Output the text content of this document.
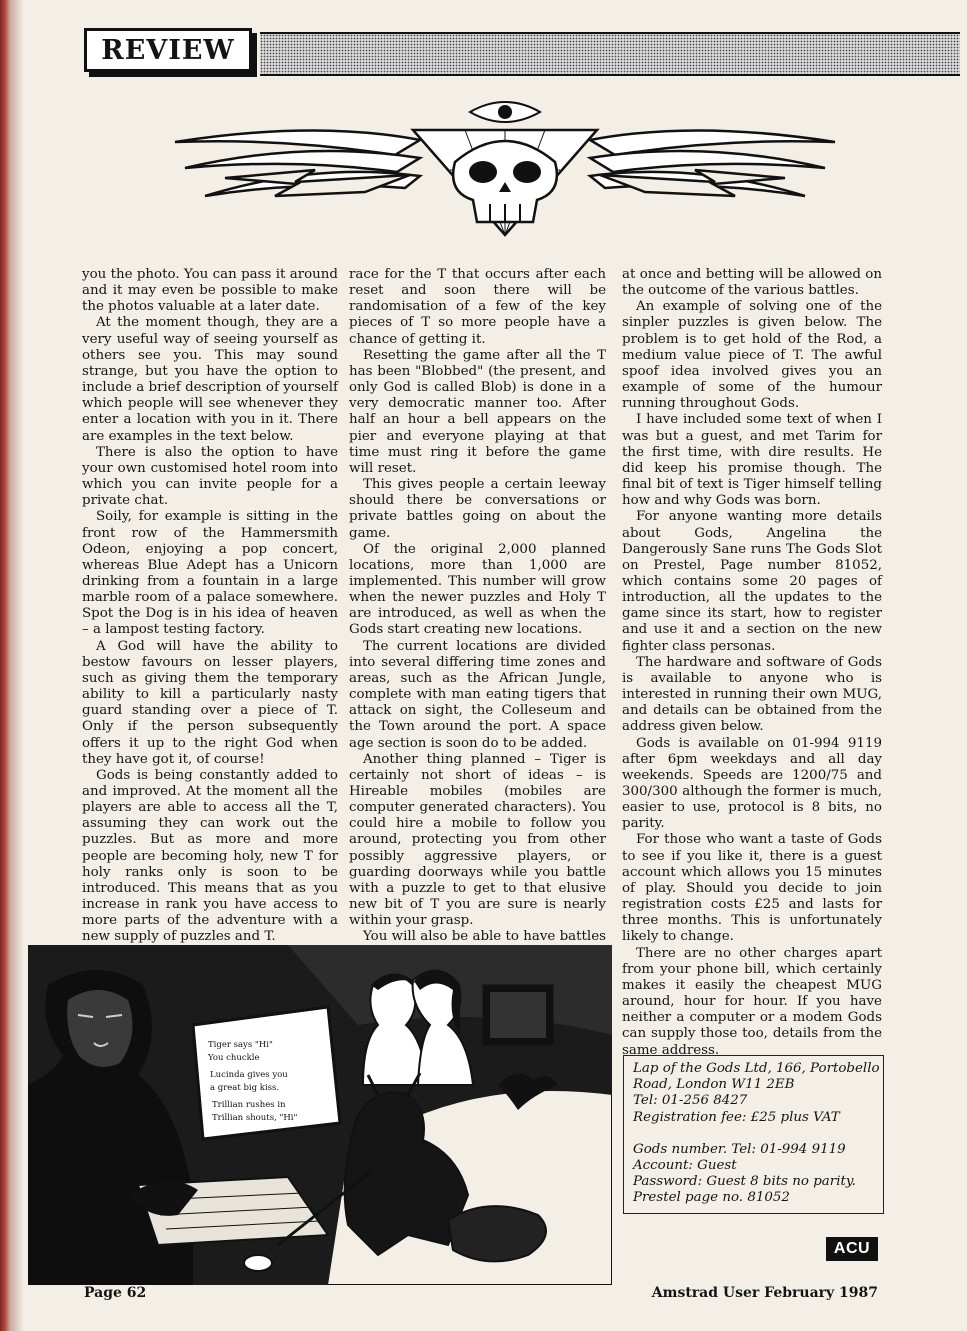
REVIEW

you the photo. You can pass it around and it may even be possible to make the photos valuable at a later date.

At the moment though, they are a very useful way of seeing yourself as others see you. This may sound strange, but you have the option to include a brief description of yourself which people will see whenever they enter a location with you in it. There are examples in the text below.

There is also the option to have your own customised hotel room into which you can invite people for a private chat.

Soily, for example is sitting in the front row of the Hammersmith Odeon, enjoying a pop concert, whereas Blue Adept has a Unicorn drinking from a fountain in a large marble room of a palace somewhere. Spot the Dog is in his idea of heaven – a lampost testing factory.

A God will have the ability to bestow favours on lesser players, such as giving them the temporary ability to kill a particularly nasty guard standing over a piece of T. Only if the person subsequently offers it up to the right God when they have got it, of course!

Gods is being constantly added to and improved. At the moment all the players are able to access all the T, assuming they can work out the puzzles. But as more and more people are becoming holy, new T for holy ranks only is soon to be introduced. This means that as you increase in rank you have access to more parts of the adventure with a new supply of puzzles and T.

race for the T that occurs after each reset and soon there will be randomisation of a few of the key pieces of T so more people have a chance of getting it.

Resetting the game after all the T has been "Blobbed" (the present, and only God is called Blob) is done in a very democratic manner too. After half an hour a bell appears on the pier and everyone playing at that time must ring it before the game will reset.

This gives people a certain leeway should there be conversations or private battles going on about the game.

Of the original 2,000 planned locations, more than 1,000 are implemented. This number will grow when the newer puzzles and Holy T are introduced, as well as when the Gods start creating new locations.

The current locations are divided into several differing time zones and areas, such as the African Jungle, complete with man eating tigers that attack on sight, the Colleseum and the Town around the port. A space age section is soon do to be added.

Another thing planned – Tiger is certainly not short of ideas – is Hireable mobiles (mobiles are computer generated characters). You could hire a mobile to follow you around, protecting you from other possibly aggressive players, or guarding doorways while you battle with a puzzle to get to that elusive new bit of T you are sure is nearly within your grasp.

You will also be able to have battles

at once and betting will be allowed on the outcome of the various battles.

An example of solving one of the sinpler puzzles is given below. The problem is to get hold of the Rod, a medium value piece of T. The awful spoof idea involved gives you an example of some of the humour running throughout Gods.

I have included some text of when I was but a guest, and met Tarim for the first time, with dire results. He did keep his promise though. The final bit of text is Tiger himself telling how and why Gods was born.

For anyone wanting more details about Gods, Angelina the Dangerously Sane runs The Gods Slot on Prestel, Page number 81052, which contains some 20 pages of introduction, all the updates to the game since its start, how to register and use it and a section on the new fighter class personas.

The hardware and software of Gods is available to anyone who is interested in running their own MUG, and details can be obtained from the address given below.

Gods is available on 01-994 9119 after 6pm weekdays and all day weekends. Speeds are 1200/75 and 300/300 although the former is much, easier to use, protocol is 8 bits, no parity.

For those who want a taste of Gods to see if you like it, there is a guest account which allows you 15 minutes of play. Should you decide to join registration costs £25 and lasts for three months. This is unfortunately likely to change.

There are no other charges apart from your phone bill, which certainly makes it easily the cheapest MUG around, hour for hour. If you have neither a computer or a modem Gods can supply those too, details from the same address.

Tiger says "Hi"
You chuckle
Lucinda gives you
a great big kiss.
Trillian rushes in
Trillian shouts, "Hi"
Lap of the Gods Ltd, 166, Portobello
Road, London W11 2EB
Tel: 01-256 8427
Registration fee: £25 plus VAT
Gods number. Tel: 01-994 9119
Account: Guest
Password: Guest 8 bits no parity.
Prestel page no. 81052
ACU
Page 62	Amstrad User February 1987
